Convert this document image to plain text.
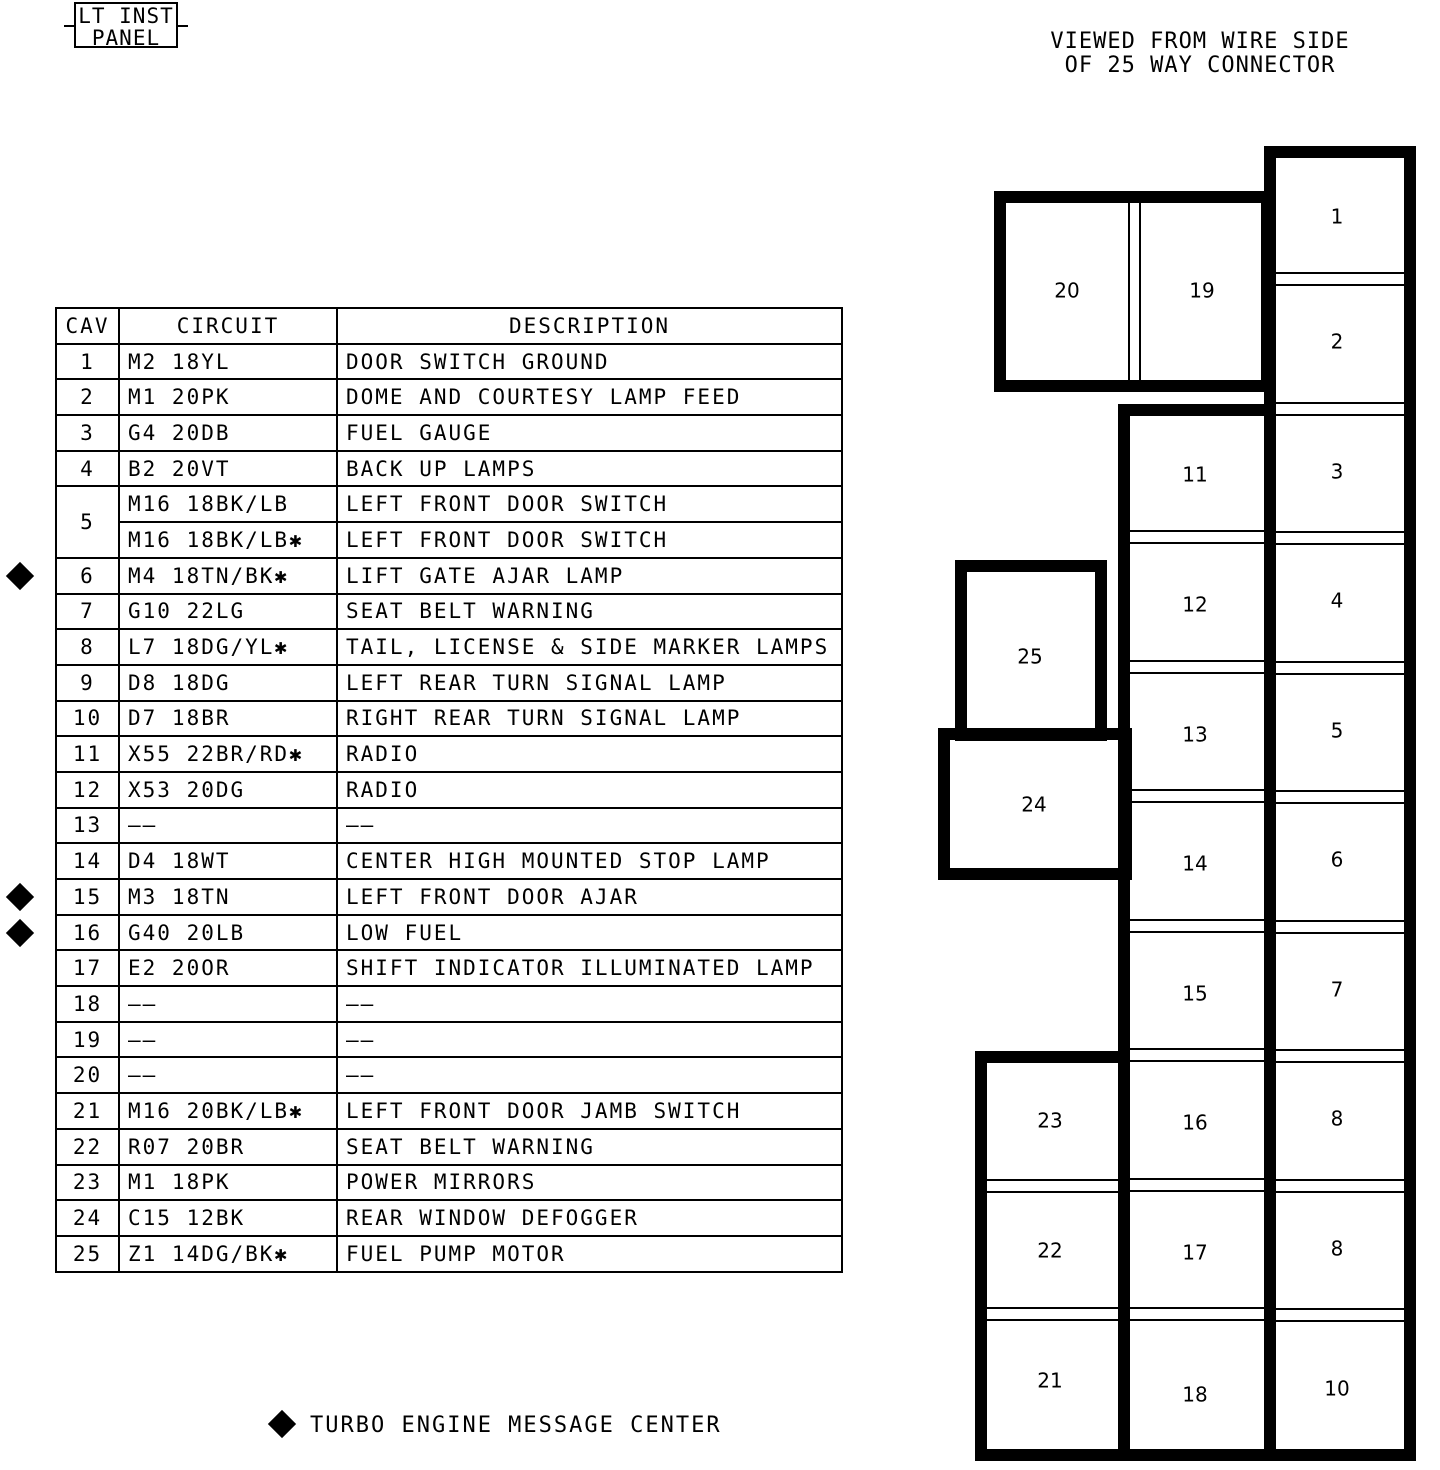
LT INST
PANEL	VIEWED FROM WIRE SIDE
OF 25 WAY CONNECTOR
CAV	CIRCUIT	DESCRIPTION
1	M2 18YL	DOOR SWITCH GROUND
2	M1 20PK	DOME AND COURTESY LAMP FEED
3	G4 20DB	FUEL GAUGE
4	B2 20VT	BACK UP LAMPS
5	M16 18BK/LB	LEFT FRONT DOOR SWITCH
	M16 18BK/LB✱	LEFT FRONT DOOR SWITCH
6	M4 18TN/BK✱	LIFT GATE AJAR LAMP
7	G10 22LG	SEAT BELT WARNING
8	L7 18DG/YL✱	TAIL, LICENSE & SIDE MARKER LAMPS
9	D8 18DG	LEFT REAR TURN SIGNAL LAMP
10	D7 18BR	RIGHT REAR TURN SIGNAL LAMP
11	X55 22BR/RD✱	RADIO
12	X53 20DG	RADIO
13	——	——
14	D4 18WT	CENTER HIGH MOUNTED STOP LAMP
15	M3 18TN	LEFT FRONT DOOR AJAR
16	G40 20LB	LOW FUEL
17	E2 20OR	SHIFT INDICATOR ILLUMINATED LAMP
18	——	——
19	——	——
20	——	——
21	M16 20BK/LB✱	LEFT FRONT DOOR JAMB SWITCH
22	R07 20BR	SEAT BELT WARNING
23	M1 18PK	POWER MIRRORS
24	C15 12BK	REAR WINDOW DEFOGGER
25	Z1 14DG/BK✱	FUEL PUMP MOTOR
TURBO ENGINE MESSAGE CENTER
1
2
3
4
5
6
7
8
8
10
11
12
13
14
15
16
17
18
23
22
21
20	19
25
24
